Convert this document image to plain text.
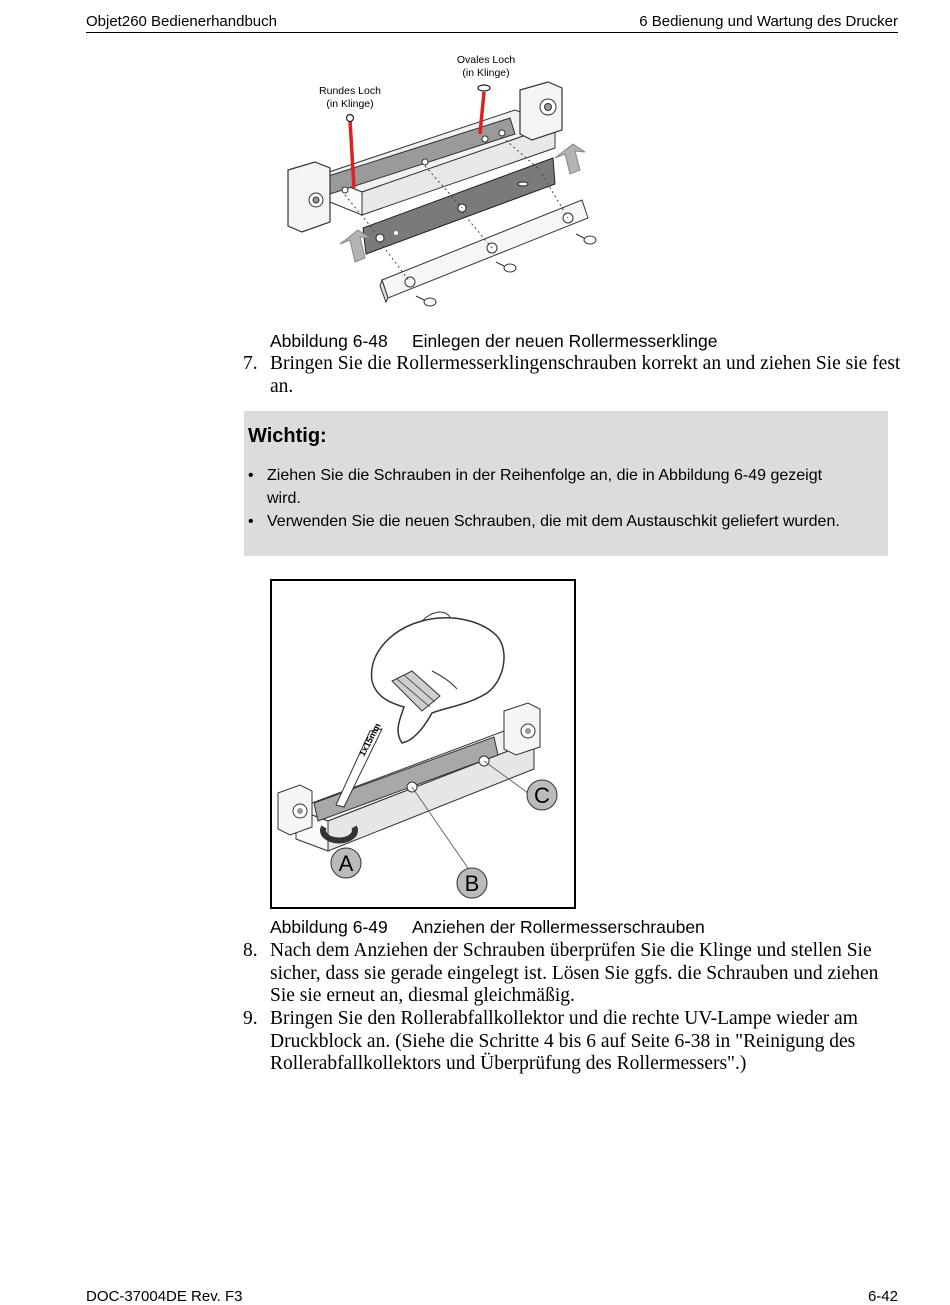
Objet260 Bedienerhandbuch	6 Bedienung und Wartung des Drucker
Rundes Loch
(in Klinge)
Ovales Loch
(in Klinge)
Abbildung 6-48 Einlegen der neuen Rollermesserklinge
7. Bringen Sie die Rollermesserklingenschrauben korrekt an und ziehen Sie sie fest an.
Wichtig:
• Ziehen Sie die Schrauben in der Reihenfolge an, die in Abbildung 6-49 gezeigt wird.
• Verwenden Sie die neuen Schrauben, die mit dem Austauschkit geliefert wurden.
1x15mm
A
B
C
Abbildung 6-49 Anziehen der Rollermesserschrauben
8. Nach dem Anziehen der Schrauben überprüfen Sie die Klinge und stellen Sie sicher, dass sie gerade eingelegt ist. Lösen Sie ggfs. die Schrauben und ziehen Sie sie erneut an, diesmal gleichmäßig.
9. Bringen Sie den Rollerabfallkollektor und die rechte UV-Lampe wieder am Druckblock an. (Siehe die Schritte 4 bis 6 auf Seite 6-38 in "Reinigung des Rollerabfallkollektors und Überprüfung des Rollermessers".)
DOC-37004DE Rev. F3	6-42
